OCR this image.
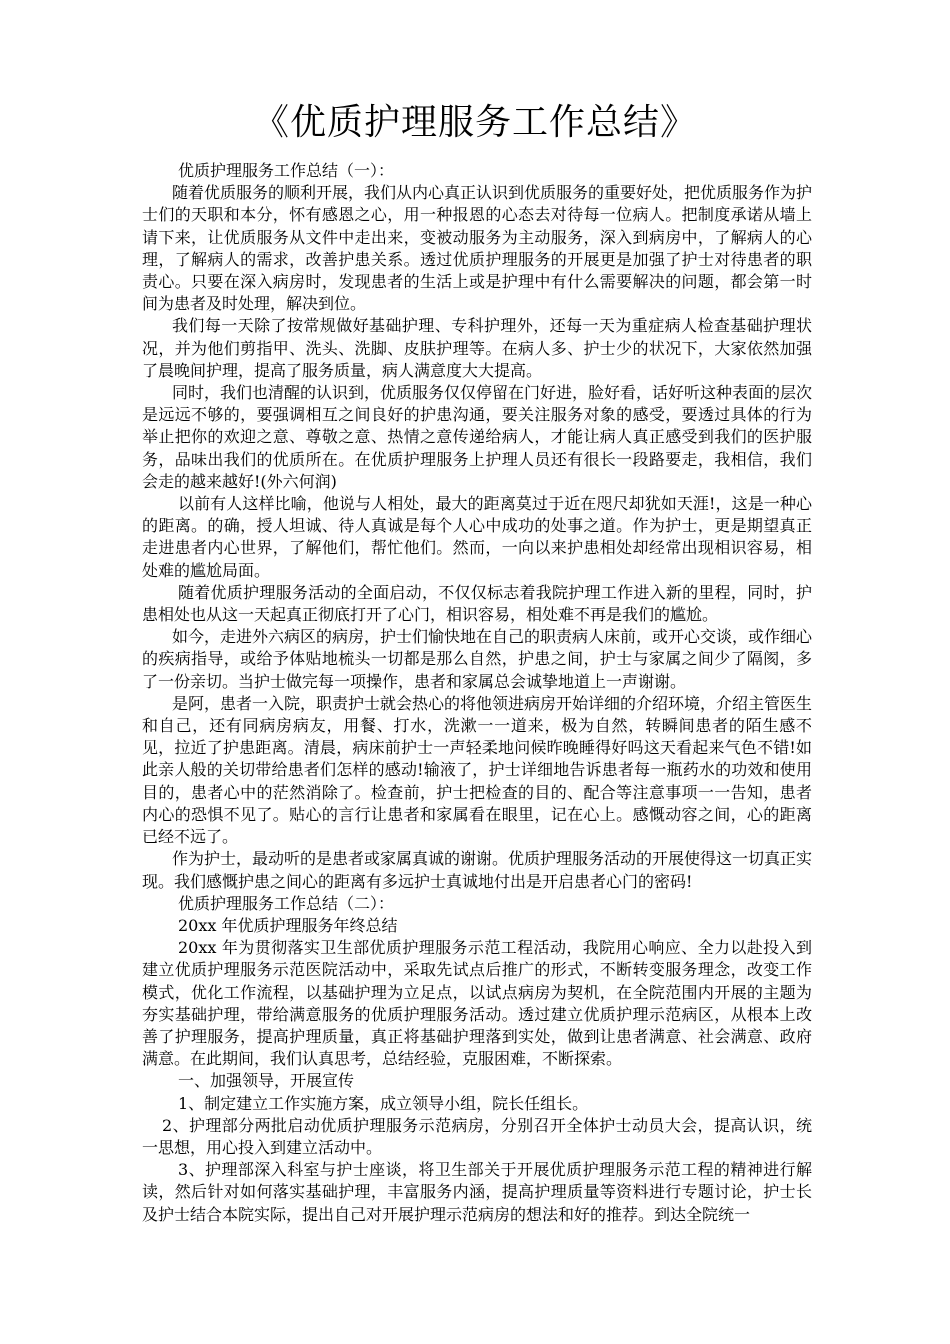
《优质护理服务工作总结》

优质护理服务工作总结（一）：

随着优质服务的顺利开展，我们从内心真正认识到优质服务的重要好处，把优质服务作为护士们的天职和本分，怀有感恩之心，用一种报恩的心态去对待每一位病人。把制度承诺从墙上请下来，让优质服务从文件中走出来，变被动服务为主动服务，深入到病房中，了解病人的心理，了解病人的需求，改善护患关系。透过优质护理服务的开展更是加强了护士对待患者的职责心。只要在深入病房时，发现患者的生活上或是护理中有什么需要解决的问题，都会第一时间为患者及时处理，解决到位。

我们每一天除了按常规做好基础护理、专科护理外，还每一天为重症病人检查基础护理状况，并为他们剪指甲、洗头、洗脚、皮肤护理等。在病人多、护士少的状况下，大家依然加强了晨晚间护理，提高了服务质量，病人满意度大大提高。

同时，我们也清醒的认识到，优质服务仅仅停留在门好进，脸好看，话好听这种表面的层次是远远不够的，要强调相互之间良好的护患沟通，要关注服务对象的感受，要透过具体的行为举止把你的欢迎之意、尊敬之意、热情之意传递给病人，才能让病人真正感受到我们的医护服务，品味出我们的优质所在。在优质护理服务上护理人员还有很长一段路要走，我相信，我们会走的越来越好!(外六何润)

以前有人这样比喻，他说与人相处，最大的距离莫过于近在咫尺却犹如天涯!，这是一种心的距离。的确，授人坦诚、待人真诚是每个人心中成功的处事之道。作为护士，更是期望真正走进患者内心世界，了解他们，帮忙他们。然而，一向以来护患相处却经常出现相识容易，相处难的尴尬局面。

随着优质护理服务活动的全面启动，不仅仅标志着我院护理工作进入新的里程，同时，护患相处也从这一天起真正彻底打开了心门，相识容易，相处难不再是我们的尴尬。

如今，走进外六病区的病房，护士们愉快地在自己的职责病人床前，或开心交谈，或作细心的疾病指导，或给予体贴地梳头一切都是那么自然，护患之间，护士与家属之间少了隔阂，多了一份亲切。当护士做完每一项操作，患者和家属总会诚挚地道上一声谢谢。

是阿，患者一入院，职责护士就会热心的将他领进病房开始详细的介绍环境，介绍主管医生和自己，还有同病房病友，用餐、打水，洗漱一一道来，极为自然，转瞬间患者的陌生感不见，拉近了护患距离。清晨，病床前护士一声轻柔地问候昨晚睡得好吗这天看起来气色不错!如此亲人般的关切带给患者们怎样的感动!输液了，护士详细地告诉患者每一瓶药水的功效和使用目的，患者心中的茫然消除了。检查前，护士把检查的目的、配合等注意事项一一告知，患者内心的恐惧不见了。贴心的言行让患者和家属看在眼里，记在心上。感慨动容之间，心的距离已经不远了。

作为护士，最动听的是患者或家属真诚的谢谢。优质护理服务活动的开展使得这一切真正实现。我们感慨护患之间心的距离有多远护士真诚地付出是开启患者心门的密码!

优质护理服务工作总结（二）：

20xx 年优质护理服务年终总结

20xx 年为贯彻落实卫生部优质护理服务示范工程活动，我院用心响应、全力以赴投入到建立优质护理服务示范医院活动中，采取先试点后推广的形式，不断转变服务理念，改变工作模式，优化工作流程，以基础护理为立足点，以试点病房为契机，在全院范围内开展的主题为夯实基础护理，带给满意服务的优质护理服务活动。透过建立优质护理示范病区，从根本上改善了护理服务，提高护理质量，真正将基础护理落到实处，做到让患者满意、社会满意、政府满意。在此期间，我们认真思考，总结经验，克服困难，不断探索。

一、加强领导，开展宣传

1、制定建立工作实施方案，成立领导小组，院长任组长。

2、护理部分两批启动优质护理服务示范病房，分别召开全体护士动员大会，提高认识，统一思想，用心投入到建立活动中。

3、护理部深入科室与护士座谈，将卫生部关于开展优质护理服务示范工程的精神进行解读，然后针对如何落实基础护理，丰富服务内涵，提高护理质量等资料进行专题讨论，护士长及护士结合本院实际，提出自己对开展护理示范病房的想法和好的推荐。到达全院统一
